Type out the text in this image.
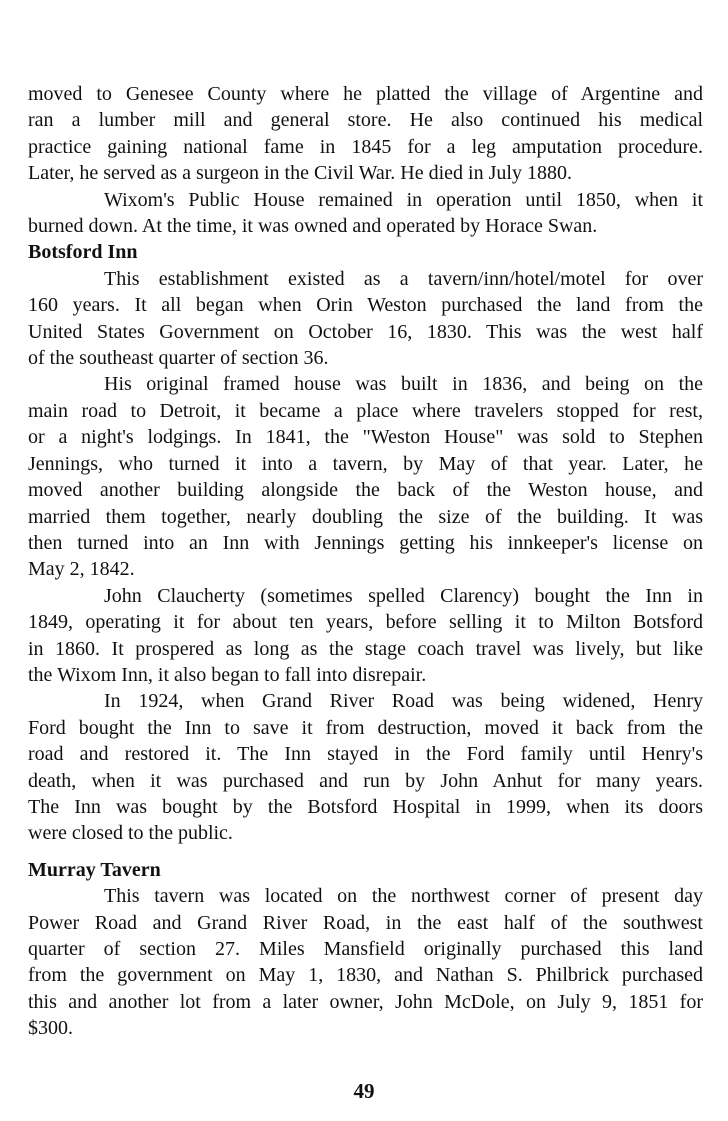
moved to Genesee County where he platted the village of Argentine and

ran a lumber mill and general store. He also continued his medical

practice gaining national fame in 1845 for a leg amputation procedure.

Later, he served as a surgeon in the Civil War. He died in July 1880.

Wixom's Public House remained in operation until 1850, when it

burned down. At the time, it was owned and operated by Horace Swan.

Botsford Inn

This establishment existed as a tavern/inn/hotel/motel for over

160 years. It all began when Orin Weston purchased the land from the

United States Government on October 16, 1830. This was the west half

of the southeast quarter of section 36.

His original framed house was built in 1836, and being on the

main road to Detroit, it became a place where travelers stopped for rest,

or a night's lodgings. In 1841, the "Weston House" was sold to Stephen

Jennings, who turned it into a tavern, by May of that year. Later, he

moved another building alongside the back of the Weston house, and

married them together, nearly doubling the size of the building. It was

then turned into an Inn with Jennings getting his innkeeper's license on

May 2, 1842.

John Claucherty (sometimes spelled Clarency) bought the Inn in

1849, operating it for about ten years, before selling it to Milton Botsford

in 1860. It prospered as long as the stage coach travel was lively, but like

the Wixom Inn, it also began to fall into disrepair.

In 1924, when Grand River Road was being widened, Henry

Ford bought the Inn to save it from destruction, moved it back from the

road and restored it. The Inn stayed in the Ford family until Henry's

death, when it was purchased and run by John Anhut for many years.

The Inn was bought by the Botsford Hospital in 1999, when its doors

were closed to the public.

Murray Tavern

This tavern was located on the northwest corner of present day

Power Road and Grand River Road, in the east half of the southwest

quarter of section 27. Miles Mansfield originally purchased this land

from the government on May 1, 1830, and Nathan S. Philbrick purchased

this and another lot from a later owner, John McDole, on July 9, 1851 for

$300.

49
